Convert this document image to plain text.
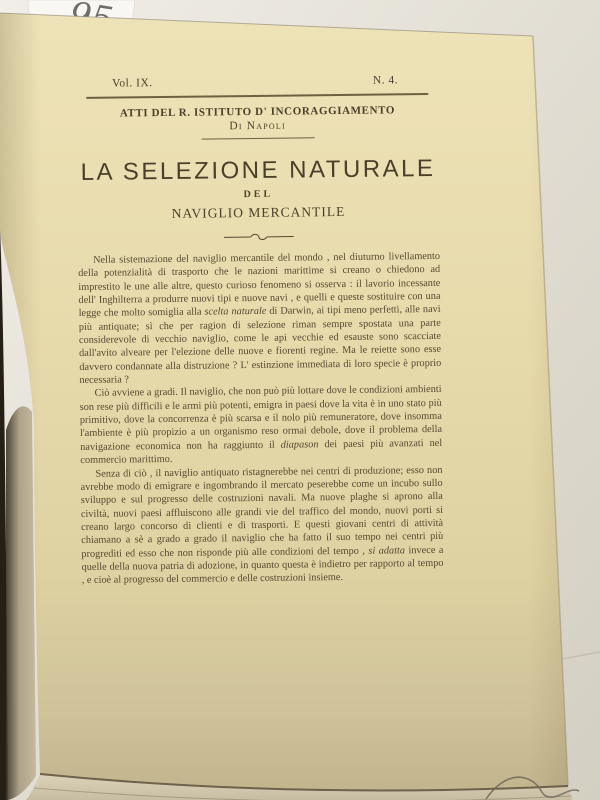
Vol. IX.	N. 4.
ATTI DEL R. ISTITUTO D' INCORAGGIAMENTO
Di Napoli
LA SELEZIONE NATURALE
DEL
NAVIGLIO MERCANTILE

Nella sistemazione del naviglio mercantile del mondo , nel diuturno livellamento della potenzialità di trasporto che le nazioni marittime si creano o chiedono ad imprestito le une alle altre, questo curioso fenomeno si osserva : il lavorio incessante dell' Inghilterra a produrre nuovi tipi e nuove navi , e quelli e queste sostituire con una legge che molto somiglia alla scelta naturale di Darwin, ai tipi meno perfetti, alle navi più antiquate; sì che per ragion di selezione riman sempre spostata una parte considerevole di vecchio naviglio, come le api vecchie ed esauste sono scacciate dall'avito alveare per l'elezione delle nuove e fiorenti regine. Ma le reiette sono esse davvero condannate alla distruzione ? L' estinzione immediata di loro specie è proprio necessaria ?

Ciò avviene a gradi. Il naviglio, che non può più lottare dove le condizioni ambienti son rese più difficili e le armi più potenti, emigra in paesi dove la vita è in uno stato più primitivo, dove la concorrenza è più scarsa e il nolo più remuneratore, dove insomma l'ambiente è più propizio a un organismo reso ormai debole, dove il problema della navigazione economica non ha raggiunto il diapason dei paesi più avanzati nel commercio marittimo.

Senza di ciò , il naviglio antiquato ristagnerebbe nei centri di produzione; esso non avrebbe modo di emigrare e ingombrando il mercato peserebbe come un incubo sullo sviluppo e sul progresso delle costruzioni navali. Ma nuove plaghe si aprono alla civiltà, nuovi paesi affluiscono alle grandi vie del traffico del mondo, nuovi porti si creano largo concorso di clienti e di trasporti. E questi giovani centri di attività chiamano a sè a grado a grado il naviglio che ha fatto il suo tempo nei centri più progrediti ed esso che non risponde più alle condizioni del tempo , si adatta invece a quelle della nuova patria di adozione, in quanto questa è indietro per rapporto al tempo , e cioè al progresso del commercio e delle costruzioni insieme.
